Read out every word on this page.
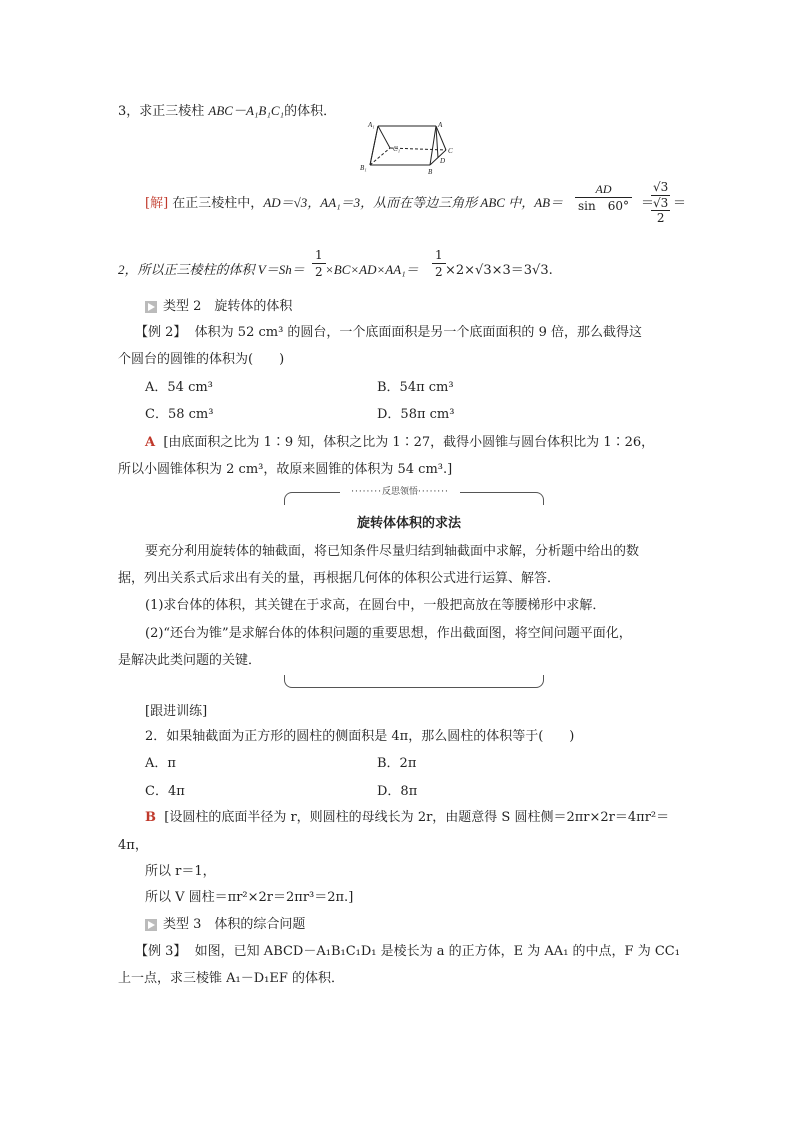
3，求正三棱柱 ABC－A₁B₁C₁的体积．
A₁	A
C₁	C
B₁	B
D
[解] 在正三棱柱中，AD＝√3，AA₁＝3，从而在等边三角形 ABC 中，$AB= \frac{AD}{\sin 60^\circ}$ ＝
√3
√3
2
＝
2，所以正三棱柱的体积 $V=Sh= \frac{1}{2} \times BC\times AD\times AA_1= \frac{1}{2} \times 2\times√3\times 3=3√3$.
类型 2　旋转体的体积
【例 2】 体积为 52 cm³ 的圆台，一个底面面积是另一个底面面积的 9 倍，那么截得这
个圆台的圆锥的体积为(　　)
A．54 cm³	B．54π cm³
C．58 cm³	D．58π cm³
A [由底面积之比为 1∶9 知，体积之比为 1∶27，截得小圆锥与圆台体积比为 1∶26，
所以小圆锥体积为 2 cm³，故原来圆锥的体积为 54 cm³.]
········反思领悟········
旋转体体积的求法
要充分利用旋转体的轴截面，将已知条件尽量归结到轴截面中求解，分析题中给出的数
据，列出关系式后求出有关的量，再根据几何体的体积公式进行运算、解答．
(1)求台体的体积，其关键在于求高，在圆台中，一般把高放在等腰梯形中求解．
(2)“还台为锥”是求解台体的体积问题的重要思想，作出截面图，将空间问题平面化，
是解决此类问题的关键．
[跟进训练]
2．如果轴截面为正方形的圆柱的侧面积是 4π，那么圆柱的体积等于(　　)
A．π	B．2π
C．4π	D．8π
B [设圆柱的底面半径为 r，则圆柱的母线长为 2r，由题意得 S 圆柱侧＝2πr×2r＝4πr²＝
4π，
所以 r＝1，
所以 V 圆柱＝πr²×2r＝2πr³＝2π.]
类型 3　体积的综合问题
【例 3】 如图，已知 ABCD－A₁B₁C₁D₁ 是棱长为 a 的正方体，E 为 AA₁ 的中点，F 为 CC₁
上一点，求三棱锥 A₁－D₁EF 的体积．
